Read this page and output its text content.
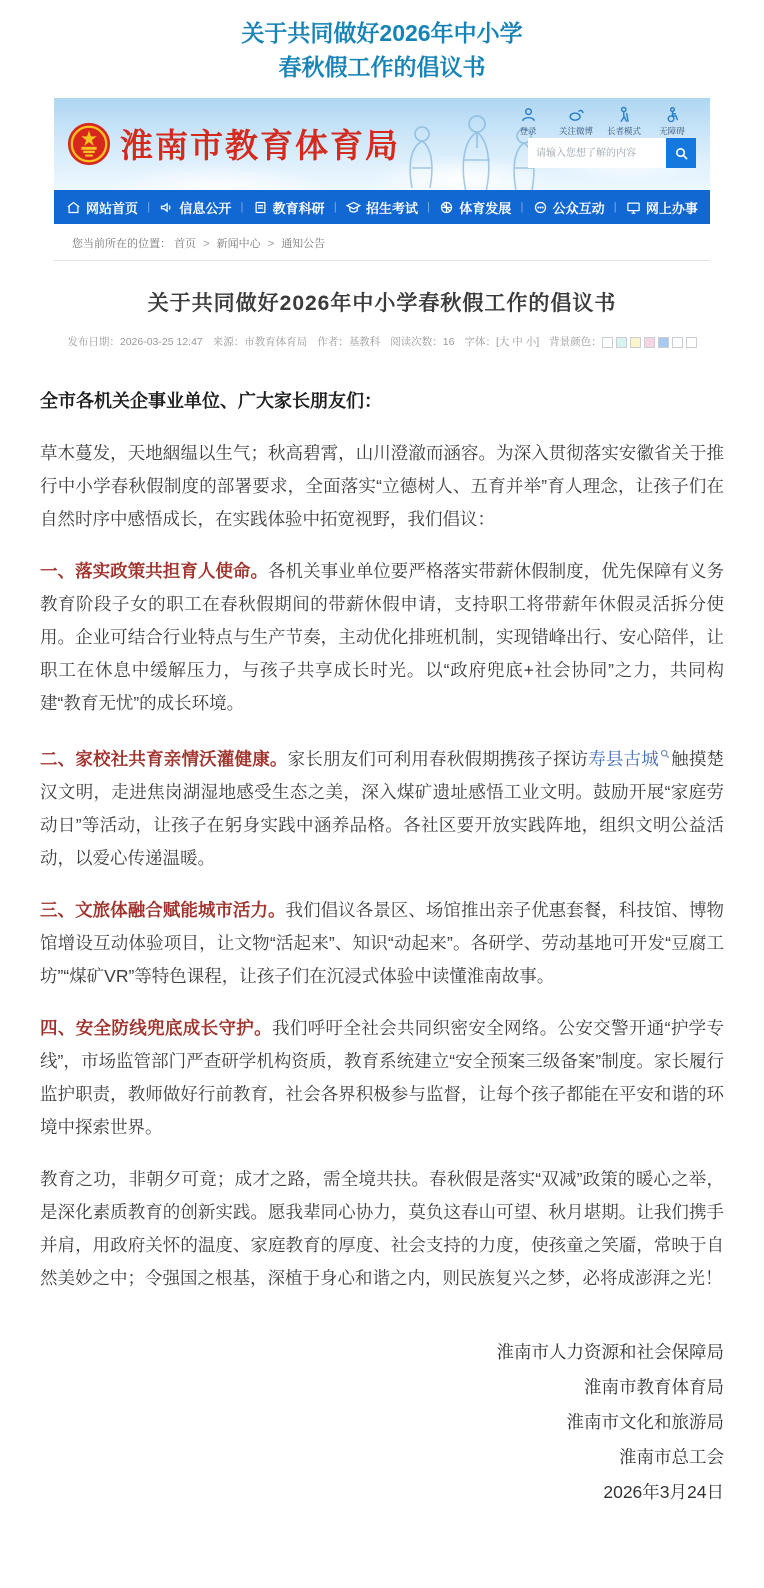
关于共同做好2026年中小学
春秋假工作的倡议书
淮南市教育体育局	登录	关注微博	长者模式	无障碍
请输入您想了解的内容
网站首页 | 信息公开 | 教育科研 | 招生考试 | 体育发展 | 公众互动 | 网上办事
您当前所在的位置： 首页 > 新闻中心 > 通知公告
关于共同做好2026年中小学春秋假工作的倡议书
发布日期：2026-03-25 12:47 来源：市教育体育局 作者：基教科 阅读次数：16 字体：[大 中 小] 背景颜色：

全市各机关企事业单位、广大家长朋友们：

草木蔓发，天地絪缊以生气；秋高碧霄，山川澄澈而涵容。为深入贯彻落实安徽省关于推行中小学春秋假制度的部署要求，全面落实“立德树人、五育并举”育人理念，让孩子们在自然时序中感悟成长，在实践体验中拓宽视野，我们倡议：

一、落实政策共担育人使命。各机关事业单位要严格落实带薪休假制度，优先保障有义务教育阶段子女的职工在春秋假期间的带薪休假申请，支持职工将带薪年休假灵活拆分使用。企业可结合行业特点与生产节奏，主动优化排班机制，实现错峰出行、安心陪伴，让职工在休息中缓解压力，与孩子共享成长时光。以“政府兜底+社会协同”之力，共同构建“教育无忧”的成长环境。

二、家校社共育亲情沃灌健康。家长朋友们可利用春秋假期携孩子探访寿县古城 触摸楚汉文明，走进焦岗湖湿地感受生态之美，深入煤矿遗址感悟工业文明。鼓励开展“家庭劳动日”等活动，让孩子在躬身实践中涵养品格。各社区要开放实践阵地，组织文明公益活动，以爱心传递温暖。

三、文旅体融合赋能城市活力。我们倡议各景区、场馆推出亲子优惠套餐，科技馆、博物馆增设互动体验项目，让文物“活起来”、知识“动起来”。各研学、劳动基地可开发“豆腐工坊”“煤矿VR”等特色课程，让孩子们在沉浸式体验中读懂淮南故事。

四、安全防线兜底成长守护。我们呼吁全社会共同织密安全网络。公安交警开通“护学专线”，市场监管部门严查研学机构资质，教育系统建立“安全预案三级备案”制度。家长履行监护职责，教师做好行前教育，社会各界积极参与监督，让每个孩子都能在平安和谐的环境中探索世界。

教育之功，非朝夕可竟；成才之路，需全境共扶。春秋假是落实“双减”政策的暖心之举，是深化素质教育的创新实践。愿我辈同心协力，莫负这春山可望、秋月堪期。让我们携手并肩，用政府关怀的温度、家庭教育的厚度、社会支持的力度，使孩童之笑靥，常映于自然美妙之中；令强国之根基，深植于身心和谐之内，则民族复兴之梦，必将成澎湃之光！

淮南市人力资源和社会保障局
淮南市教育体育局
淮南市文化和旅游局
淮南市总工会
2026年3月24日
